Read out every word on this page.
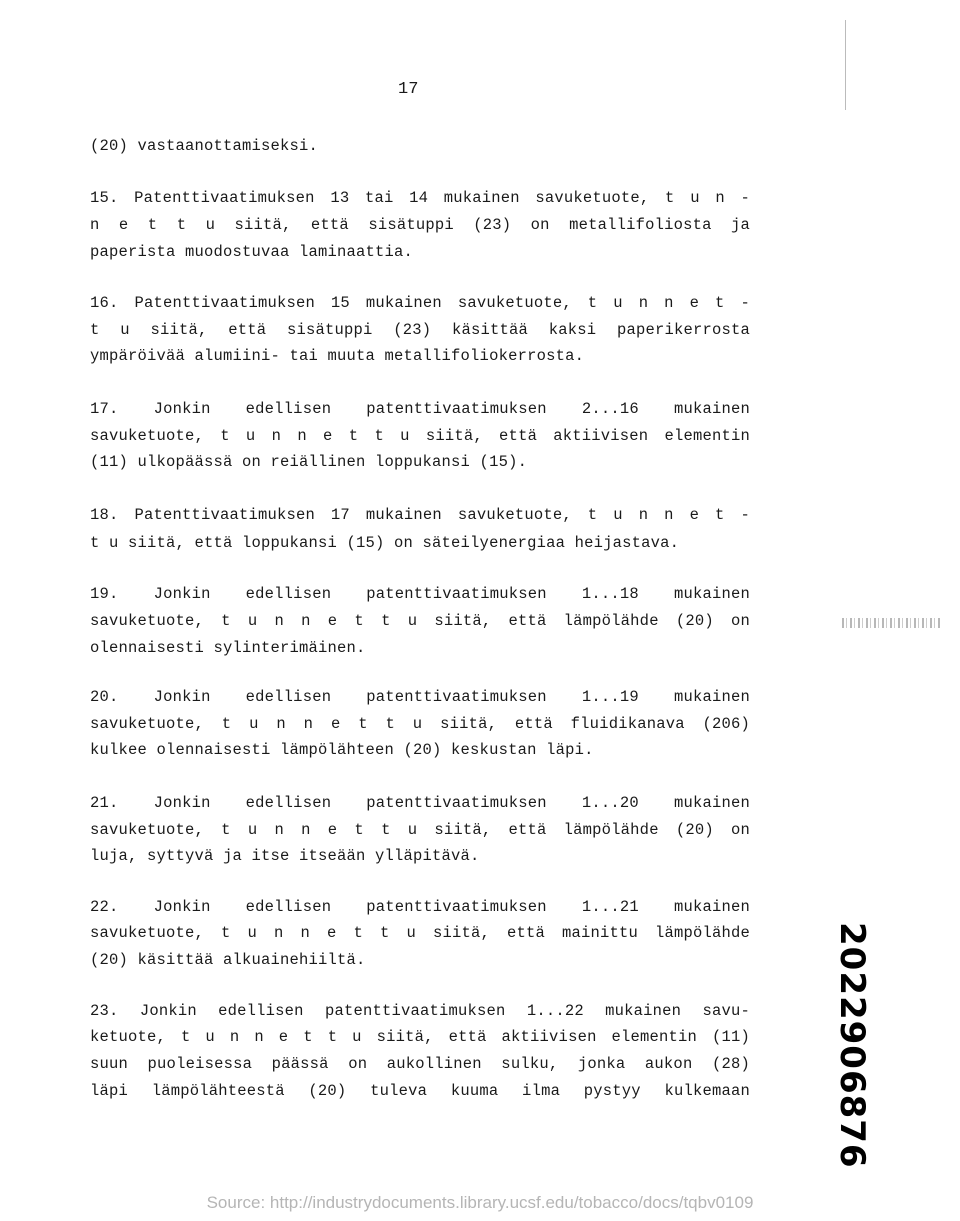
17
(20) vastaanottamiseksi.
15. Patenttivaatimuksen 13 tai 14 mukainen savuketuote, t u n -
n e t t u siitä, että sisätuppi (23) on metallifoliosta ja
paperista muodostuvaa laminaattia.
16. Patenttivaatimuksen 15 mukainen savuketuote, t u n n e t -
t u siitä, että sisätuppi (23) käsittää kaksi paperikerrosta
ympäröivää alumiini- tai muuta metallifoliokerrosta.
17. Jonkin edellisen patenttivaatimuksen 2...16 mukainen
savuketuote, t u n n e t t u siitä, että aktiivisen elementin
(11) ulkopäässä on reiällinen loppukansi (15).
18. Patenttivaatimuksen 17 mukainen savuketuote, t u n n e t -
t u siitä, että loppukansi (15) on säteilyenergiaa heijastava.
19. Jonkin edellisen patenttivaatimuksen 1...18 mukainen
savuketuote, t u n n e t t u siitä, että lämpölähde (20) on
olennaisesti sylinterimäinen.
20. Jonkin edellisen patenttivaatimuksen 1...19 mukainen
savuketuote, t u n n e t t u siitä, että fluidikanava (206)
kulkee olennaisesti lämpölähteen (20) keskustan läpi.
21. Jonkin edellisen patenttivaatimuksen 1...20 mukainen
savuketuote, t u n n e t t u siitä, että lämpölähde (20) on
luja, syttyvä ja itse itseään ylläpitävä.
22. Jonkin edellisen patenttivaatimuksen 1...21 mukainen
savuketuote, t u n n e t t u siitä, että mainittu lämpölähde
(20) käsittää alkuainehiiltä.
23. Jonkin edellisen patenttivaatimuksen 1...22 mukainen savu-
ketuote, t u n n e t t u siitä, että aktiivisen elementin (11)
suun puoleisessa päässä on aukollinen sulku, jonka aukon (28)
läpi lämpölähteestä (20) tuleva kuuma ilma pystyy kulkemaan 2022906876
Source: http://industrydocuments.library.ucsf.edu/tobacco/docs/tqbv0109
